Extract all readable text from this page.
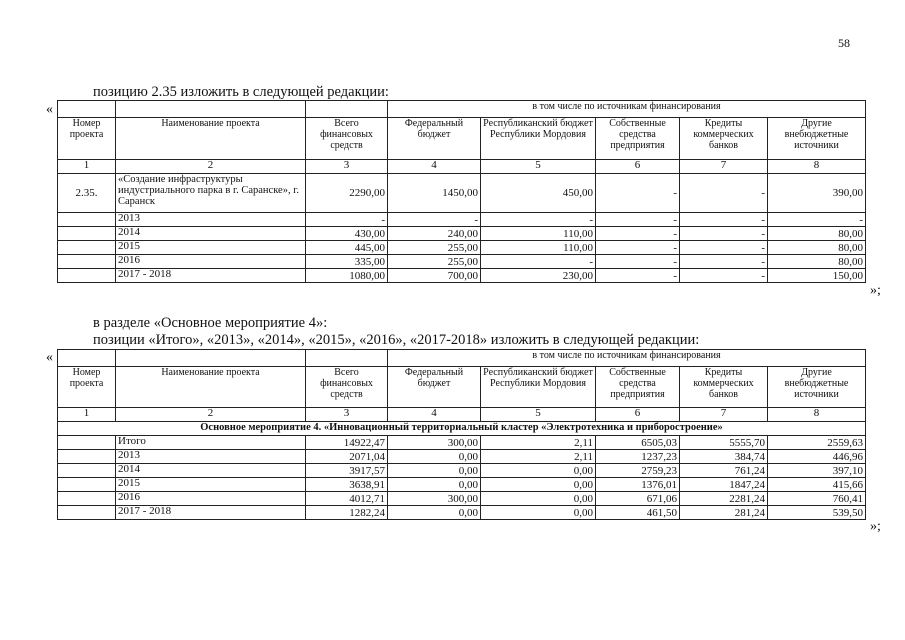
58
позицию 2.35 изложить в следующей редакции:
«
				в том числе по источникам финансирования				
Номер проекта	Наименование проекта	Всего финансовых средств	Федеральный бюджет	Республиканский бюджет Республики Мордовия	Собственные средства предприятия	Кредиты коммерческих банков	Другие внебюджетные источники
1	2	3	4	5	6	7	8
2.35.	«Создание инфраструктуры индустриального парка в г. Саранске», г. Саранск	2290,00	1450,00	450,00	-	-	390,00
	2013	-	-	-	-	-	-
	2014	430,00	240,00	110,00	-	-	80,00
	2015	445,00	255,00	110,00	-	-	80,00
	2016	335,00	255,00	-	-	-	80,00
	2017 - 2018	1080,00	700,00	230,00	-	-	150,00
»;
в разделе «Основное мероприятие 4»:
позиции «Итого», «2013», «2014», «2015», «2016», «2017-2018» изложить в следующей редакции:
«
				в том числе по источникам финансирования				
Номер проекта	Наименование проекта	Всего финансовых средств	Федеральный бюджет	Республиканский бюджет Республики Мордовия	Собственные средства предприятия	Кредиты коммерческих банков	Другие внебюджетные источники
1	2	3	4	5	6	7	8
Основное мероприятие 4. «Инновационный территориальный кластер «Электротехника и приборостроение»							
	Итого	14922,47	300,00	2,11	6505,03	5555,70	2559,63
	2013	2071,04	0,00	2,11	1237,23	384,74	446,96
	2014	3917,57	0,00	0,00	2759,23	761,24	397,10
	2015	3638,91	0,00	0,00	1376,01	1847,24	415,66
	2016	4012,71	300,00	0,00	671,06	2281,24	760,41
	2017 - 2018	1282,24	0,00	0,00	461,50	281,24	539,50
»;
